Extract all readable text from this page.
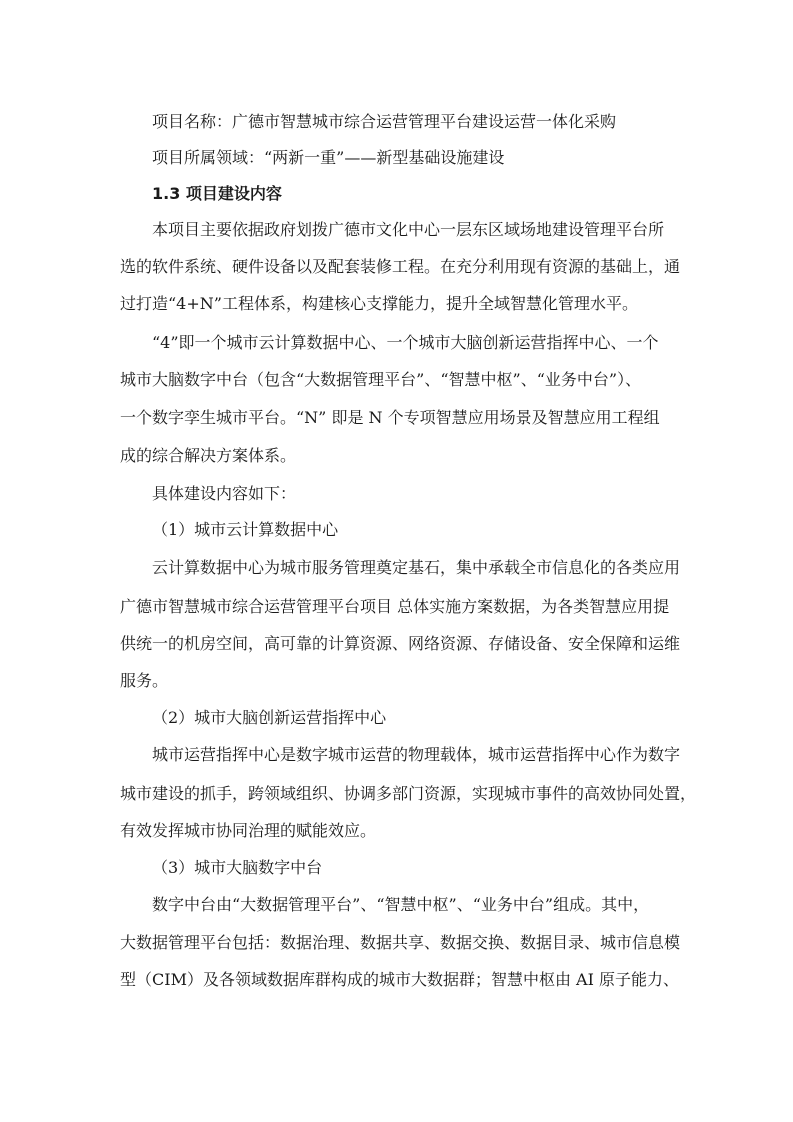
项目名称：广德市智慧城市综合运营管理平台建设运营一体化采购
项目所属领域：“两新一重”——新型基础设施建设
1.3 项目建设内容
本项目主要依据政府划拨广德市文化中心一层东区域场地建设管理平台所
选的软件系统、硬件设备以及配套装修工程。在充分利用现有资源的基础上，通
过打造“4+N”工程体系，构建核心支撑能力，提升全域智慧化管理水平。
“4”即一个城市云计算数据中心、一个城市大脑创新运营指挥中心、一个
城市大脑数字中台（包含“大数据管理平台”、“智慧中枢”、“业务中台”）、
一个数字孪生城市平台。“N” 即是 N 个专项智慧应用场景及智慧应用工程组
成的综合解决方案体系。
具体建设内容如下：
（1）城市云计算数据中心
云计算数据中心为城市服务管理奠定基石，集中承载全市信息化的各类应用
广德市智慧城市综合运营管理平台项目 总体实施方案数据，为各类智慧应用提
供统一的机房空间，高可靠的计算资源、网络资源、存储设备、安全保障和运维
服务。
（2）城市大脑创新运营指挥中心
城市运营指挥中心是数字城市运营的物理载体，城市运营指挥中心作为数字
城市建设的抓手，跨领域组织、协调多部门资源，实现城市事件的高效协同处置，
有效发挥城市协同治理的赋能效应。
（3）城市大脑数字中台
数字中台由“大数据管理平台”、“智慧中枢”、“业务中台”组成。其中，
大数据管理平台包括：数据治理、数据共享、数据交换、数据目录、城市信息模
型（CIM）及各领域数据库群构成的城市大数据群；智慧中枢由 AI 原子能力、
